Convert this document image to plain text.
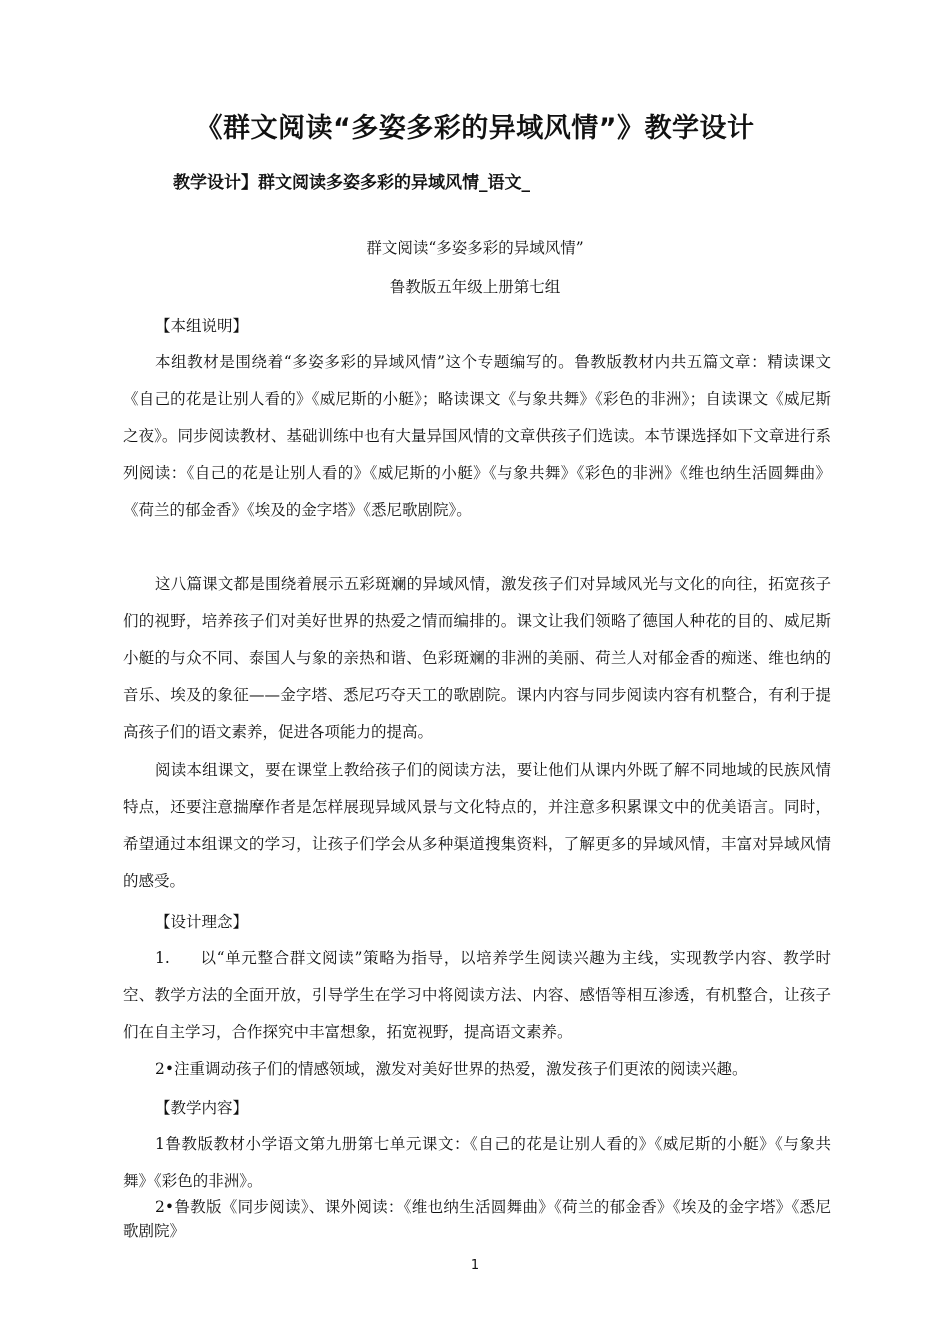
《群文阅读“多姿多彩的异域风情”》教学设计
教学设计】群文阅读多姿多彩的异域风情_语文_
群文阅读“多姿多彩的异域风情”
鲁教版五年级上册第七组
【本组说明】

本组教材是围绕着“多姿多彩的异域风情”这个专题编写的。鲁教版教材内共五篇文章：精读课文《自己的花是让别人看的》《威尼斯的小艇》；略读课文《与象共舞》《彩色的非洲》；自读课文《威尼斯之夜》。同步阅读教材、基础训练中也有大量异国风情的文章供孩子们选读。本节课选择如下文章进行系列阅读：《自己的花是让别人看的》《威尼斯的小艇》《与象共舞》《彩色的非洲》《维也纳生活圆舞曲》《荷兰的郁金香》《埃及的金字塔》《悉尼歌剧院》。

这八篇课文都是围绕着展示五彩斑斓的异域风情，激发孩子们对异域风光与文化的向往，拓宽孩子们的视野，培养孩子们对美好世界的热爱之情而编排的。课文让我们领略了德国人种花的目的、威尼斯小艇的与众不同、泰国人与象的亲热和谐、色彩斑斓的非洲的美丽、荷兰人对郁金香的痴迷、维也纳的音乐、埃及的象征——金字塔、悉尼巧夺天工的歌剧院。课内内容与同步阅读内容有机整合，有利于提高孩子们的语文素养，促进各项能力的提高。

阅读本组课文，要在课堂上教给孩子们的阅读方法，要让他们从课内外既了解不同地域的民族风情特点，还要注意揣摩作者是怎样展现异域风景与文化特点的，并注意多积累课文中的优美语言。同时，希望通过本组课文的学习，让孩子们学会从多种渠道搜集资料，了解更多的异域风情，丰富对异域风情的感受。

【设计理念】

1. 以“单元整合群文阅读”策略为指导，以培养学生阅读兴趣为主线，实现教学内容、教学时空、教学方法的全面开放，引导学生在学习中将阅读方法、内容、感悟等相互渗透，有机整合，让孩子们在自主学习，合作探究中丰富想象，拓宽视野，提高语文素养。

2•注重调动孩子们的情感领域，激发对美好世界的热爱，激发孩子们更浓的阅读兴趣。

【教学内容】

1鲁教版教材小学语文第九册第七单元课文：《自己的花是让别人看的》《威尼斯的小艇》《与象共舞》《彩色的非洲》。

2•鲁教版《同步阅读》、课外阅读：《维也纳生活圆舞曲》《荷兰的郁金香》《埃及的金字塔》《悉尼歌剧院》

1
